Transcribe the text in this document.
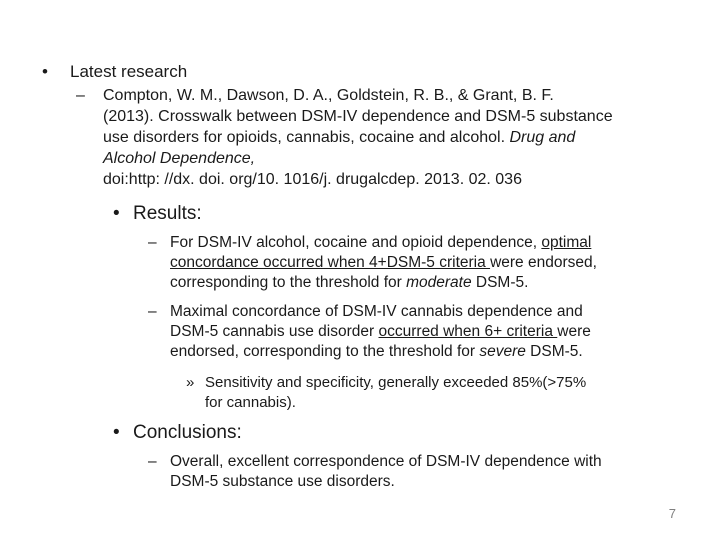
•	Latest research
–	Compton, W. M., Dawson, D. A., Goldstein, R. B., & Grant, B. F.
(2013). Crosswalk between DSM-IV dependence and DSM-5 substance
use disorders for opioids, cannabis, cocaine and alcohol. Drug and
Alcohol Dependence,
doi:http: //dx. doi. org/10. 1016/j. drugalcdep. 2013. 02. 036
• Results:
– For DSM-IV alcohol, cocaine and opioid dependence, optimal
concordance occurred when 4+DSM-5 criteria were endorsed,
corresponding to the threshold for moderate DSM-5.
– Maximal concordance of DSM-IV cannabis dependence and
DSM-5 cannabis use disorder occurred when 6+ criteria were
endorsed, corresponding to the threshold for severe DSM-5.
» Sensitivity and specificity, generally exceeded 85%(>75%
for cannabis).
• Conclusions:
– Overall, excellent correspondence of DSM-IV dependence with
DSM-5 substance use disorders.
7
